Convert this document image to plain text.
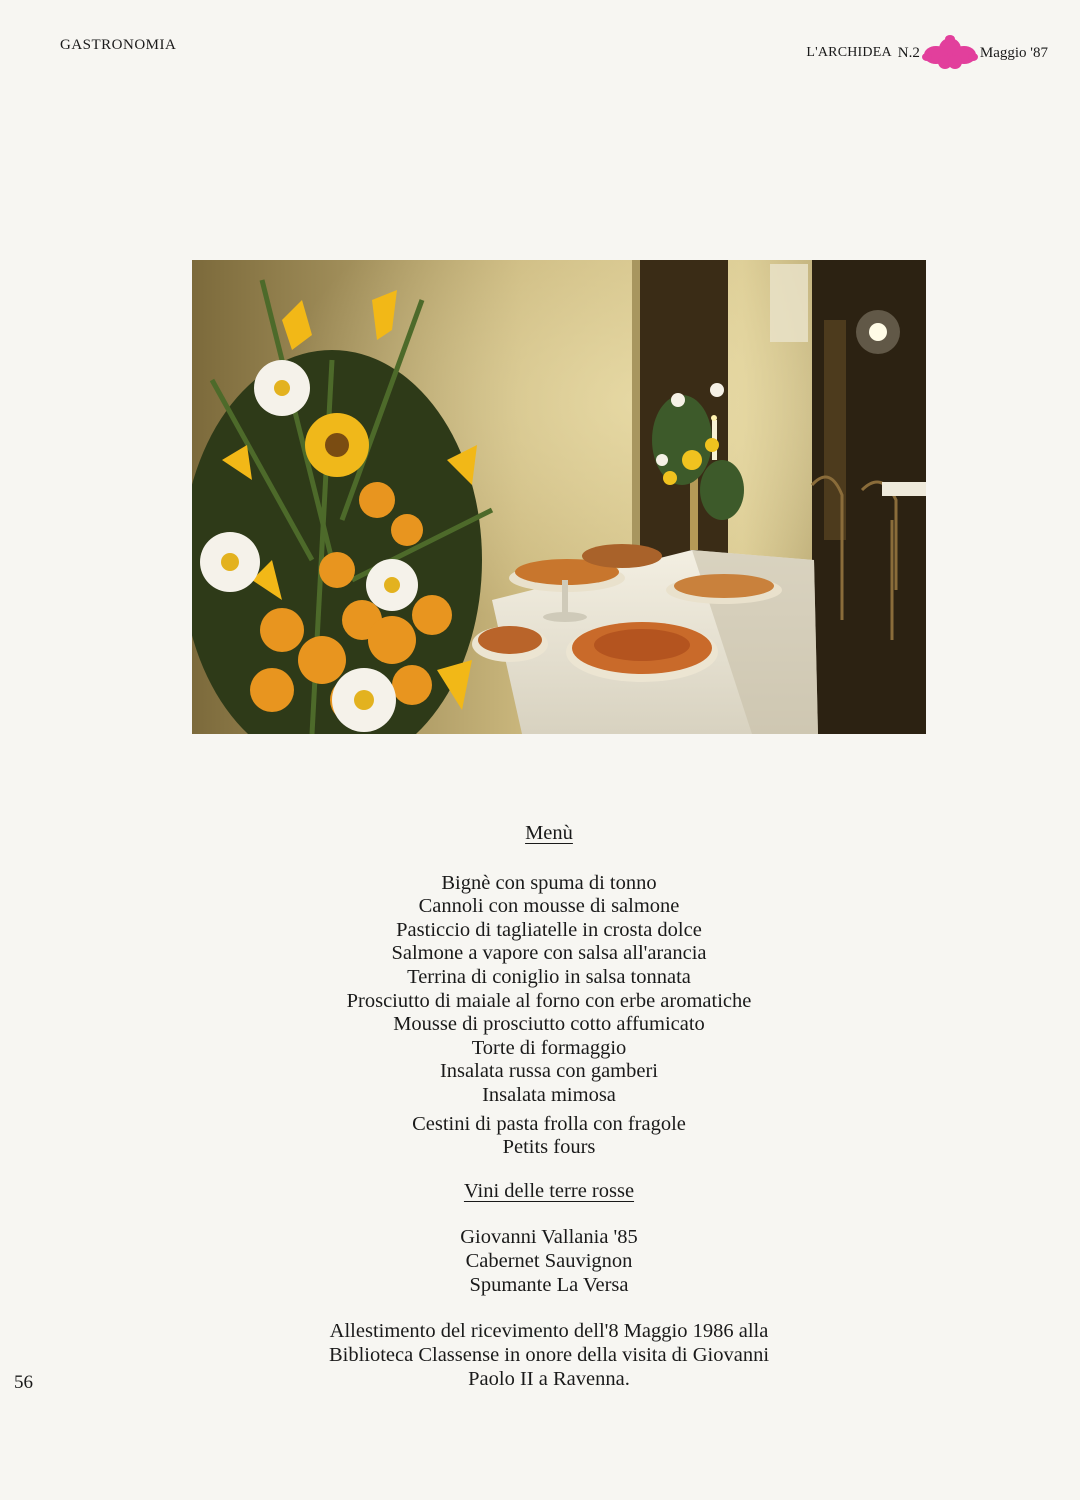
GASTRONOMIA	L'ARCHIDEA N.2	Maggio '87
Menù
Bignè con spuma di tonno
Cannoli con mousse di salmone
Pasticcio di tagliatelle in crosta dolce
Salmone a vapore con salsa all'arancia
Terrina di coniglio in salsa tonnata
Prosciutto di maiale al forno con erbe aromatiche
Mousse di prosciutto cotto affumicato
Torte di formaggio
Insalata russa con gamberi
Insalata mimosa
Cestini di pasta frolla con fragole
Petits fours
Vini delle terre rosse
Giovanni Vallania '85
Cabernet Sauvignon
Spumante La Versa
Allestimento del ricevimento dell'8 Maggio 1986 alla
Biblioteca Classense in onore della visita di Giovanni
Paolo II a Ravenna.
56
